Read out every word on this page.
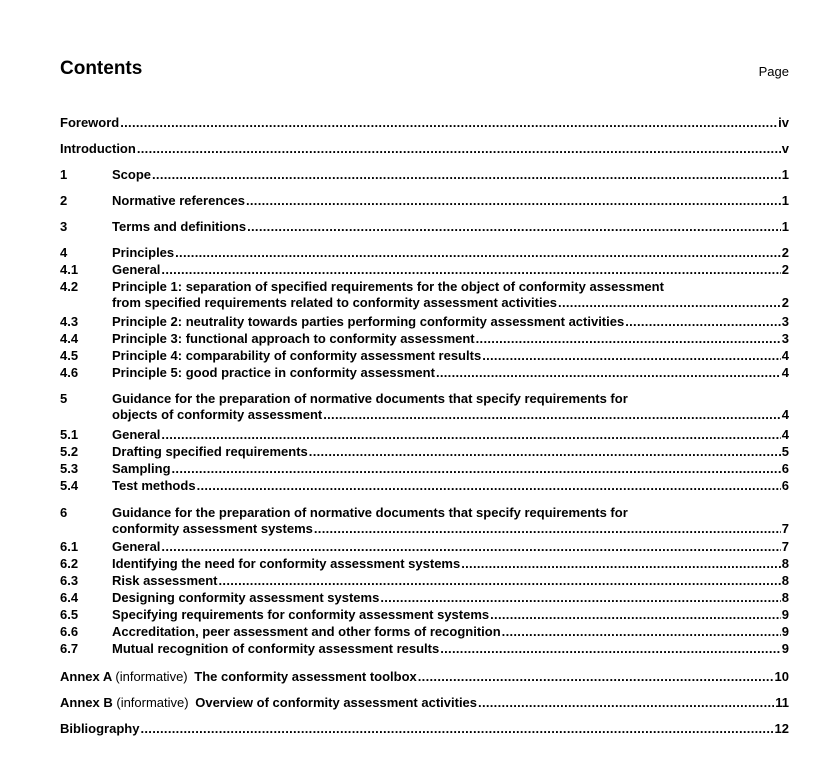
Contents	Page
Foreword .....	iv
Introduction .....	v
1	Scope .....	1
2	Normative references .....	1
3	Terms and definitions .....	1
4	Principles .....	2
4.1	General .....	2
4.2	Principle 1: separation of specified requirements for the object of conformity assessment
from specified requirements related to conformity assessment activities .....	2
4.3	Principle 2: neutrality towards parties performing conformity assessment activities .....	3
4.4	Principle 3: functional approach to conformity assessment .....	3
4.5	Principle 4: comparability of conformity assessment results .....	4
4.6	Principle 5: good practice in conformity assessment .....	4
5	Guidance for the preparation of normative documents that specify requirements for
objects of conformity assessment .....	4
5.1	General .....	4
5.2	Drafting specified requirements .....	5
5.3	Sampling .....	6
5.4	Test methods .....	6
6	Guidance for the preparation of normative documents that specify requirements for
conformity assessment systems .....	7
6.1	General .....	7
6.2	Identifying the need for conformity assessment systems .....	8
6.3	Risk assessment .....	8
6.4	Designing conformity assessment systems .....	8
6.5	Specifying requirements for conformity assessment systems .....	9
6.6	Accreditation, peer assessment and other forms of recognition .....	9
6.7	Mutual recognition of conformity assessment results .....	9
Annex A (informative) The conformity assessment toolbox .....	10
Annex B (informative) Overview of conformity assessment activities .....	11
Bibliography .....	12
